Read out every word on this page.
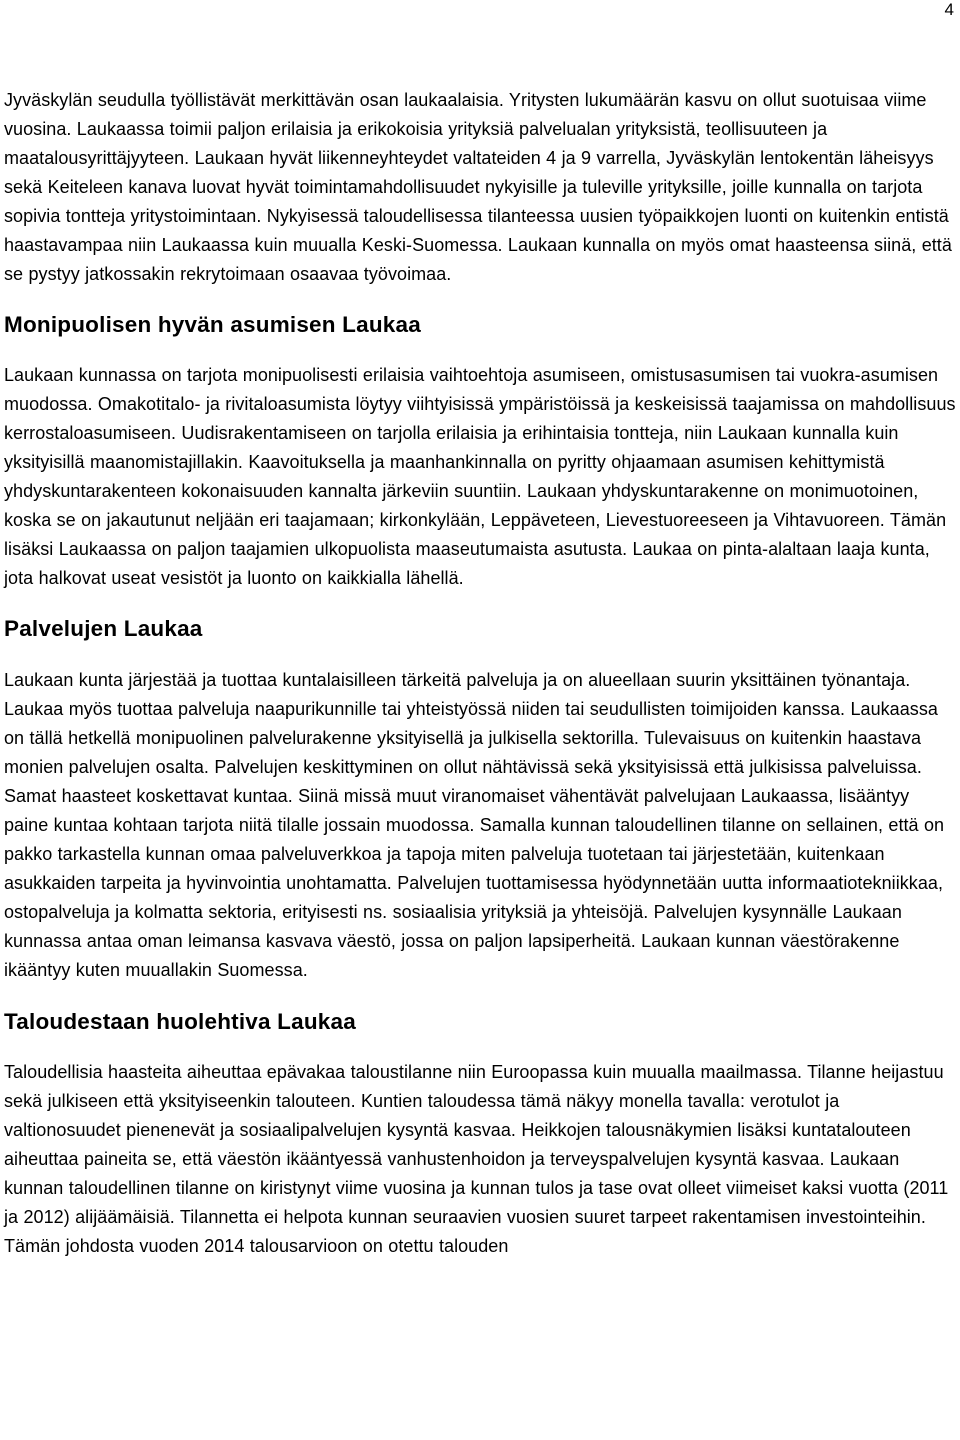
4

Jyväskylän seudulla työllistävät merkittävän osan laukaalaisia. Yritysten lukumäärän kasvu on ollut suotuisaa viime vuosina. Laukaassa toimii paljon erilaisia ja erikokoisia yrityksiä palvelualan yrityksistä, teollisuuteen ja maatalousyrittäjyyteen. Laukaan hyvät liikenneyhteydet valtateiden 4 ja 9 varrella, Jyväskylän lentokentän läheisyys sekä Keiteleen kanava luovat hyvät toimintamahdollisuudet nykyisille ja tuleville yrityksille, joille kunnalla on tarjota sopivia tontteja yritystoimintaan. Nykyisessä taloudellisessa tilanteessa uusien työpaikkojen luonti on kuitenkin entistä haastavampaa niin Laukaassa kuin muualla Keski-Suomessa. Laukaan kunnalla on myös omat haasteensa siinä, että se pystyy jatkossakin rekrytoimaan osaavaa työvoimaa.

Monipuolisen hyvän asumisen Laukaa

Laukaan kunnassa on tarjota monipuolisesti erilaisia vaihtoehtoja asumiseen, omistusasumisen tai vuokra-asumisen muodossa. Omakotitalo- ja rivitaloasumista löytyy viihtyisissä ympäristöissä ja keskeisissä taajamissa on mahdollisuus kerrostaloasumiseen. Uudisrakentamiseen on tarjolla erilaisia ja erihintaisia tontteja, niin Laukaan kunnalla kuin yksityisillä maanomistajillakin. Kaavoituksella ja maanhankinnalla on pyritty ohjaamaan asumisen kehittymistä yhdyskuntarakenteen kokonaisuuden kannalta järkeviin suuntiin. Laukaan yhdyskuntarakenne on monimuotoinen, koska se on jakautunut neljään eri taajamaan; kirkonkylään, Leppäveteen, Lievestuoreeseen ja Vihtavuoreen. Tämän lisäksi Laukaassa on paljon taajamien ulkopuolista maaseutumaista asutusta. Laukaa on pinta-alaltaan laaja kunta, jota halkovat useat vesistöt ja luonto on kaikkialla lähellä.

Palvelujen Laukaa

Laukaan kunta järjestää ja tuottaa kuntalaisilleen tärkeitä palveluja ja on alueellaan suurin yksittäinen työnantaja. Laukaa myös tuottaa palveluja naapurikunnille tai yhteistyössä niiden tai seudullisten toimijoiden kanssa. Laukaassa on tällä hetkellä monipuolinen palvelurakenne yksityisellä ja julkisella sektorilla. Tulevaisuus on kuitenkin haastava monien palvelujen osalta. Palvelujen keskittyminen on ollut nähtävissä sekä yksityisissä että julkisissa palveluissa. Samat haasteet koskettavat kuntaa. Siinä missä muut viranomaiset vähentävät palvelujaan Laukaassa, lisääntyy paine kuntaa kohtaan tarjota niitä tilalle jossain muodossa. Samalla kunnan taloudellinen tilanne on sellainen, että on pakko tarkastella kunnan omaa palveluverkkoa ja tapoja miten palveluja tuotetaan tai järjestetään, kuitenkaan asukkaiden tarpeita ja hyvinvointia unohtamatta. Palvelujen tuottamisessa hyödynnetään uutta informaatiotekniikkaa, ostopalveluja ja kolmatta sektoria, erityisesti ns. sosiaalisia yrityksiä ja yhteisöjä. Palvelujen kysynnälle Laukaan kunnassa antaa oman leimansa kasvava väestö, jossa on paljon lapsiperheitä. Laukaan kunnan väestörakenne ikääntyy kuten muuallakin Suomessa.

Taloudestaan huolehtiva Laukaa

Taloudellisia haasteita aiheuttaa epävakaa taloustilanne niin Euroopassa kuin muualla maailmassa. Tilanne heijastuu sekä julkiseen että yksityiseenkin talouteen. Kuntien taloudessa tämä näkyy monella tavalla: verotulot ja valtionosuudet pienenevät ja sosiaalipalvelujen kysyntä kasvaa. Heikkojen talousnäkymien lisäksi kuntatalouteen aiheuttaa paineita se, että väestön ikääntyessä vanhustenhoidon ja terveyspalvelujen kysyntä kasvaa. Laukaan kunnan taloudellinen tilanne on kiristynyt viime vuosina ja kunnan tulos ja tase ovat olleet viimeiset kaksi vuotta (2011 ja 2012) alijäämäisiä. Tilannetta ei helpota kunnan seuraavien vuosien suuret tarpeet rakentamisen investointeihin. Tämän johdosta vuoden 2014 talousarvioon on otettu talouden
